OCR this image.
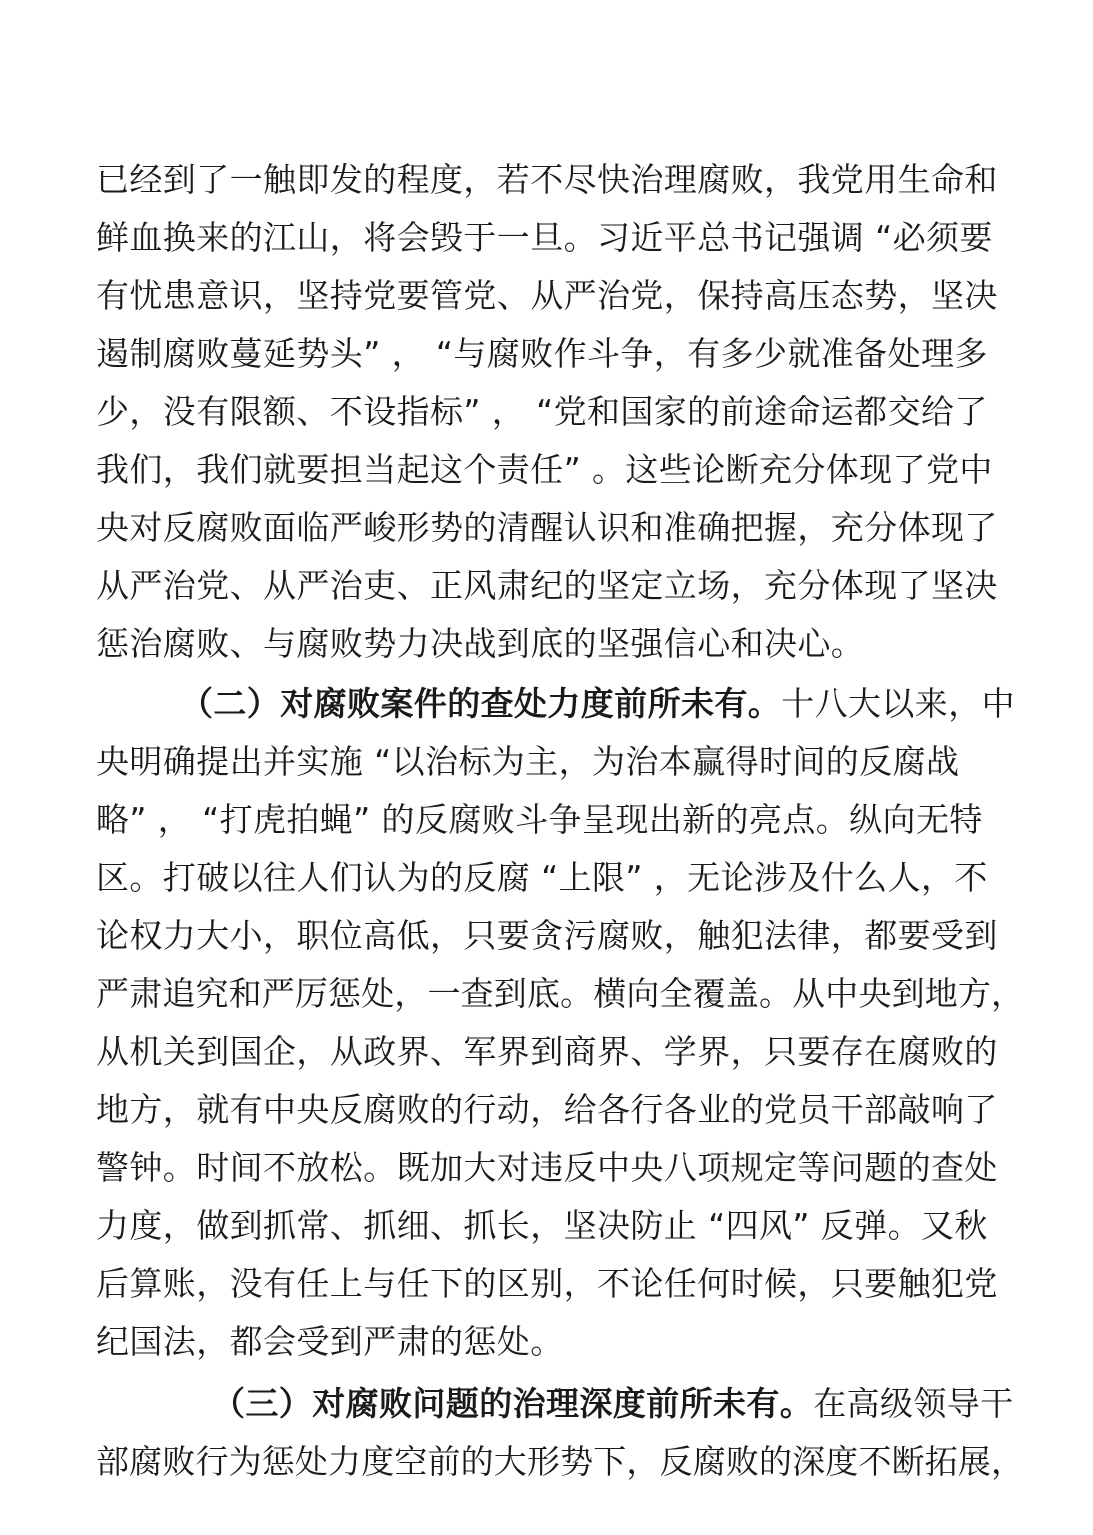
已经到了一触即发的程度，若不尽快治理腐败，我党用生命和
鲜血换来的江山，将会毁于一旦。习近平总书记强调 “必须要
有忧患意识，坚持党要管党、从严治党，保持高压态势，坚决
遏制腐败蔓延势头” ， “与腐败作斗争，有多少就准备处理多
少，没有限额、不设指标” ， “党和国家的前途命运都交给了
我们，我们就要担当起这个责任” 。这些论断充分体现了党中
央对反腐败面临严峻形势的清醒认识和准确把握，充分体现了
从严治党、从严治吏、正风肃纪的坚定立场，充分体现了坚决
惩治腐败、与腐败势力决战到底的坚强信心和决心。
（二）对腐败案件的查处力度前所未有。十八大以来，中
央明确提出并实施 “以治标为主，为治本赢得时间的反腐战
略” ， “打虎拍蝇” 的反腐败斗争呈现出新的亮点。纵向无特
区。打破以往人们认为的反腐 “上限” ，无论涉及什么人，不
论权力大小，职位高低，只要贪污腐败，触犯法律，都要受到
严肃追究和严厉惩处，一查到底。横向全覆盖。从中央到地方，
从机关到国企，从政界、军界到商界、学界，只要存在腐败的
地方，就有中央反腐败的行动，给各行各业的党员干部敲响了
警钟。时间不放松。既加大对违反中央八项规定等问题的查处
力度，做到抓常、抓细、抓长，坚决防止 “四风” 反弹。又秋
后算账，没有任上与任下的区别，不论任何时候，只要触犯党
纪国法，都会受到严肃的惩处。
（三）对腐败问题的治理深度前所未有。在高级领导干
部腐败行为惩处力度空前的大形势下，反腐败的深度不断拓展，
